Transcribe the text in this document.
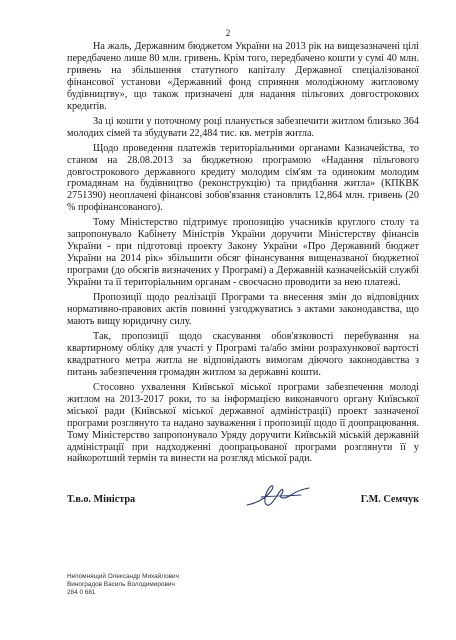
2

На жаль, Державним бюджетом України на 2013 рік на вищезазначені цілі передбачено лише 80 млн. гривень. Крім того, передбачено кошти у сумі 40 млн. гривень на збільшення статутного капіталу Державної спеціалізованої фінансової установи «Державний фонд сприяння молодіжному житловому будівництву», що також призначені для надання пільгових довгострокових кредитів.

За ці кошти у поточному році планується забезпечити житлом близько 364 молодих сімей та збудувати 22,484 тис. кв. метрів житла.

Щодо проведення платежів територіальними органами Казначейства, то станом на 28.08.2013 за бюджетною програмою «Надання пільгового довгострокового державного кредиту молодим сім'ям та одиноким молодим громадянам на будівництво (реконструкцію) та придбання житла» (КПКВК 2751390) неоплачені фінансові зобов'язання становлять 12,864 млн. гривень (20 % профінансованого).

Тому Міністерство підтримує пропозицію учасників круглого столу та запропонувало Кабінету Міністрів України доручити Міністерству фінансів України - при підготовці проекту Закону України «Про Державний бюджет України на 2014 рік» збільшити обсяг фінансування вищеназваної бюджетної програми (до обсягів визначених у Програмі) а Державній казначейській службі України та її територіальним органам - своєчасно проводити за нею платежі.

Пропозиції щодо реалізації Програми та внесення змін до відповідних нормативно-правових актів повинні узгоджуватись з актами законодавства, що мають вищу юридичну силу.

Так, пропозиції щодо скасування обов'язковості перебування на квартирному обліку для участі у Програмі та/або зміни розрахункової вартості квадратного метра житла не відповідають вимогам діючого законодавства з питань забезпечення громадян житлом за державні кошти.

Стосовно ухвалення Київської міської програми забезпечення молоді житлом на 2013-2017 роки, то за інформацією виконавчого органу Київської міської ради (Київської міської державної адміністрації) проект зазначеної програми розглянуто та надано зауваження і пропозиції щодо її доопрацювання. Тому Міністерство запропонувало Уряду доручити Київській міській державній адміністрації при надходженні доопрацьованої програми розглянути її у найкоротший термін та винести на розгляд міської ради.

Т.в.о. Міністра	Г.М. Семчук
Непомнящий Олександр Михайлович
Виноградов Василь Володимирович
284 0 681
